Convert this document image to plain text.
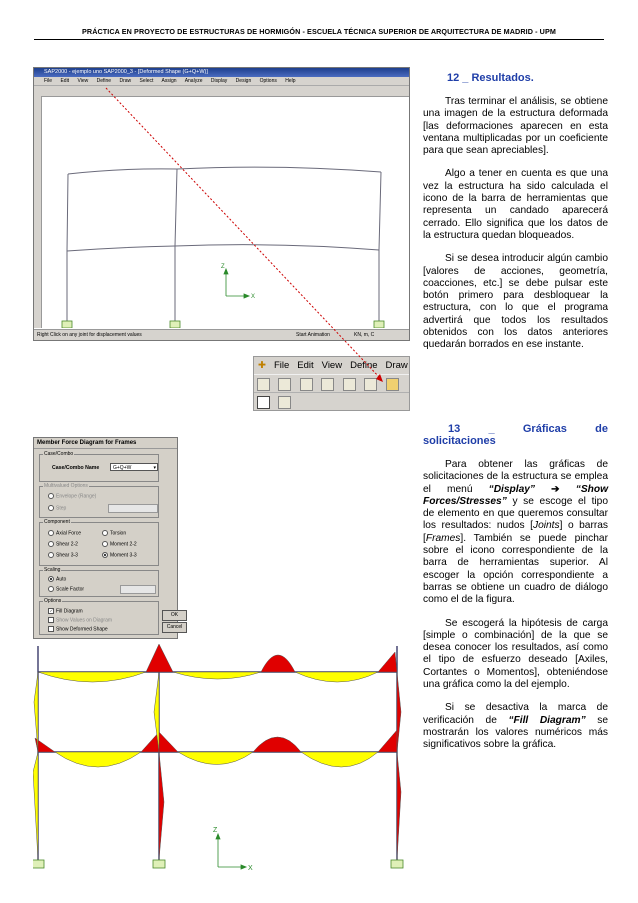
PRÁCTICA EN PROYECTO DE ESTRUCTURAS DE HORMIGÓN - ESCUELA TÉCNICA SUPERIOR DE ARQUITECTURA DE MADRID - UPM
SAP2000 - ejemplo uno SAP2000_3 - [Deformed Shape (G+Q+W)]
File Edit View Define Draw Select Assign Analyze Display Design Options Help
Z
X
Right Click on any joint for displacement values	Start Animation	KN, m, C
✚ File Edit View Define Draw

12 _ Resultados.

Tras terminar el análisis, se obtiene una imagen de la estructura deformada [las deformaciones aparecen en esta ventana multiplicadas por un coeficiente para que sean apreciables].

Algo a tener en cuenta es que una vez la estructura ha sido calculada el icono de la barra de herramientas que representa un candado aparecerá cerrado. Ello significa que los datos de la estructura quedan bloqueados.

Si se desea introducir algún cambio [valores de acciones, geometría, coacciones, etc.] se debe pulsar este botón primero para desbloquear la estructura, con lo que el programa advertirá que todos los resultados obtenidos con los datos anteriores quedarán borrados en ese instante.

13	_	Gráficas	de
solicitaciones

Para obtener las gráficas de solicitaciones de la estructura se emplea el menú “Display” ➔ “Show Forces/Stresses” y se escoge el tipo de elemento en que queremos consultar los resultados: nudos [Joints] o barras [Frames]. También se puede pinchar sobre el icono correspondiente de la barra de herramientas superior. Al escoger la opción correspondiente a barras se obtiene un cuadro de diálogo como el de la figura.

Se escogerá la hipótesis de carga [simple o combinación] de la que se desea conocer los resultados, así como el tipo de esfuerzo deseado [Axiles, Cortantes o Momentos], obteniéndose una gráfica como la del ejemplo.

Si se desactiva la marca de verificación de “Fill Diagram” se mostrarán los valores numéricos más significativos sobre la gráfica.

Member Force Diagram for Frames
Case/Combo
Case/Combo Name	G+Q+W	▾
Multivalued Options
Envelope (Range)
Step
Component
Axial Force	Torsion
Shear 2-2	Moment 2-2
Shear 3-3	Moment 3-3
Scaling
Auto
Scale Factor
Options
✓ Fill Diagram
Show Values on Diagram
Show Deformed Shape
OK
Cancel
Z
X
